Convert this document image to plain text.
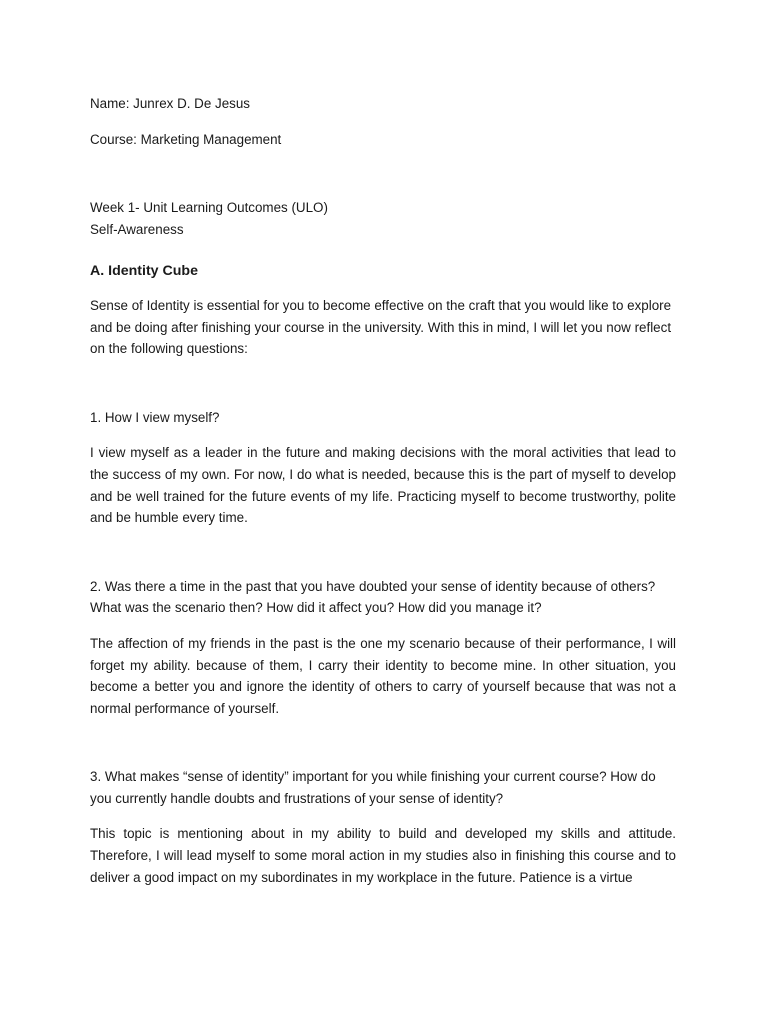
Name: Junrex D. De Jesus

Course: Marketing Management

Week 1- Unit Learning Outcomes (ULO)

Self-Awareness

A. Identity Cube

Sense of Identity is essential for you to become effective on the craft that you would like to explore and be doing after finishing your course in the university. With this in mind, I will let you now reflect on the following questions:

1. How I view myself?

I view myself as a leader in the future and making decisions with the moral activities that lead to the success of my own. For now, I do what is needed, because this is the part of myself to develop and be well trained for the future events of my life. Practicing myself to become trustworthy, polite and be humble every time.

2. Was there a time in the past that you have doubted your sense of identity because of others? What was the scenario then? How did it affect you? How did you manage it?

The affection of my friends in the past is the one my scenario because of their performance, I will forget my ability. because of them, I carry their identity to become mine. In other situation, you become a better you and ignore the identity of others to carry of yourself because that was not a normal performance of yourself.

3. What makes “sense of identity” important for you while finishing your current course? How do you currently handle doubts and frustrations of your sense of identity?

This topic is mentioning about in my ability to build and developed my skills and attitude. Therefore, I will lead myself to some moral action in my studies also in finishing this course and to deliver a good impact on my subordinates in my workplace in the future. Patience is a virtue
